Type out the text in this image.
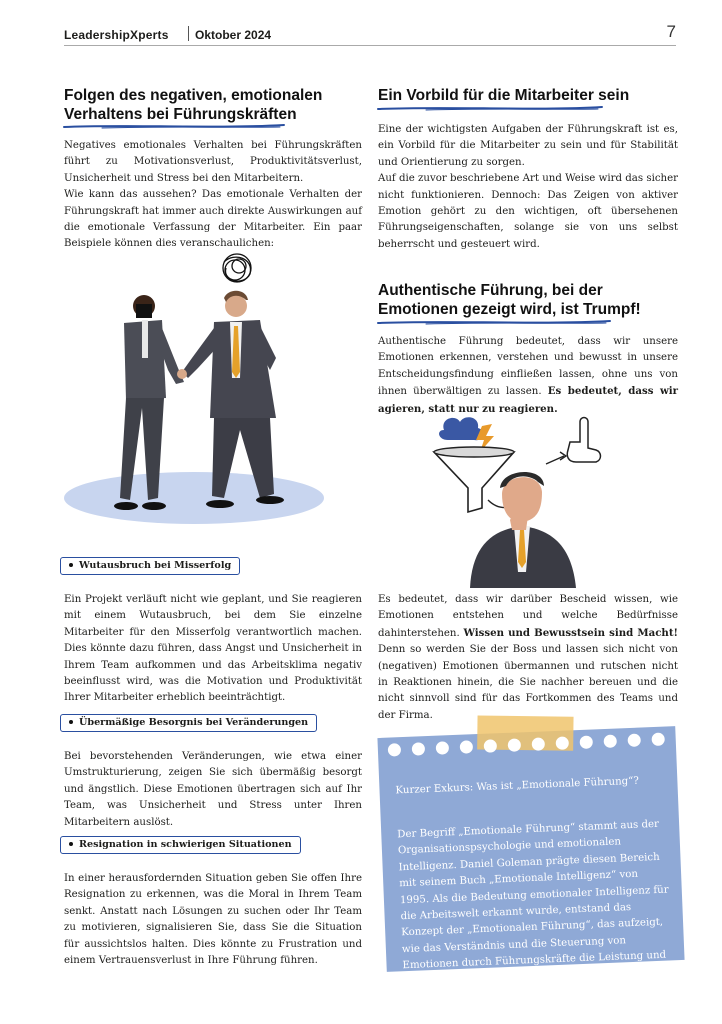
LeadershipXperts Oktober 2024	7
Folgen des negativen, emotionalen
Verhaltens bei Führungskräften

Negatives emotionales Verhalten bei Führungskräften führt zu Motivationsverlust, Produktivitätsverlust, Unsicherheit und Stress bei den Mitarbeitern.

Wie kann das aussehen? Das emotionale Verhalten der Führungskraft hat immer auch direkte Auswirkungen auf die emotionale Verfassung der Mitarbeiter. Ein paar Beispiele können dies veranschaulichen:

Wutausbruch bei Misserfolg

Ein Projekt verläuft nicht wie geplant, und Sie reagieren mit einem Wutausbruch, bei dem Sie einzelne Mitarbeiter für den Misserfolg verantwortlich machen. Dies könnte dazu führen, dass Angst und Unsicherheit in Ihrem Team aufkommen und das Arbeitsklima negativ beeinflusst wird, was die Motivation und Produktivität Ihrer Mitarbeiter erheblich beeinträchtigt.

Übermäßige Besorgnis bei Veränderungen

Bei bevorstehenden Veränderungen, wie etwa einer Umstrukturierung, zeigen Sie sich übermäßig besorgt und ängstlich. Diese Emotionen übertragen sich auf Ihr Team, was Unsicherheit und Stress unter Ihren Mitarbeitern auslöst.

Resignation in schwierigen Situationen

In einer herausfordernden Situation geben Sie offen Ihre Resignation zu erkennen, was die Moral in Ihrem Team senkt. Anstatt nach Lösungen zu suchen oder Ihr Team zu motivieren, signalisieren Sie, dass Sie die Situation für aussichtslos halten. Dies könnte zu Frustration und einem Vertrauensverlust in Ihre Führung führen.

Ein Vorbild für die Mitarbeiter sein

Eine der wichtigsten Aufgaben der Führungskraft ist es, ein Vorbild für die Mitarbeiter zu sein und für Stabilität und Orientierung zu sorgen.

Auf die zuvor beschriebene Art und Weise wird das sicher nicht funktionieren. Dennoch: Das Zeigen von aktiver Emotion gehört zu den wichtigen, oft übersehenen Führungseigenschaften, solange sie von uns selbst beherrscht und gesteuert wird.

Authentische Führung, bei der
Emotionen gezeigt wird, ist Trumpf!

Authentische Führung bedeutet, dass wir unsere Emotionen erkennen, verstehen und bewusst in unsere Entscheidungsfindung einfließen lassen, ohne uns von ihnen überwältigen zu lassen. Es bedeutet, dass wir agieren, statt nur zu reagieren.

Es bedeutet, dass wir darüber Bescheid wissen, wie Emotionen entstehen und welche Bedürfnisse dahinterstehen. Wissen und Bewusstsein sind Macht! Denn so werden Sie der Boss und lassen sich nicht von (negativen) Emotionen übermannen und rutschen nicht in Reaktionen hinein, die Sie nachher bereuen und die nicht sinnvoll sind für das Fortkommen des Teams und der Firma.

Kurzer Exkurs: Was ist „Emotionale Führung“?
Der Begriff „Emotionale Führung“ stammt aus der Organisationspsychologie und emotionalen Intelligenz. Daniel Goleman prägte diesen Bereich mit seinem Buch „Emotionale Intelligenz“ von 1995. Als die Bedeutung emotionaler Intelligenz für die Arbeitswelt erkannt wurde, entstand das Konzept der „Emotionalen Führung“, das aufzeigt, wie das Verständnis und die Steuerung von Emotionen durch Führungskräfte die Leistung und das Wohlbefinden der Mitarbeiter beeinflussen.
